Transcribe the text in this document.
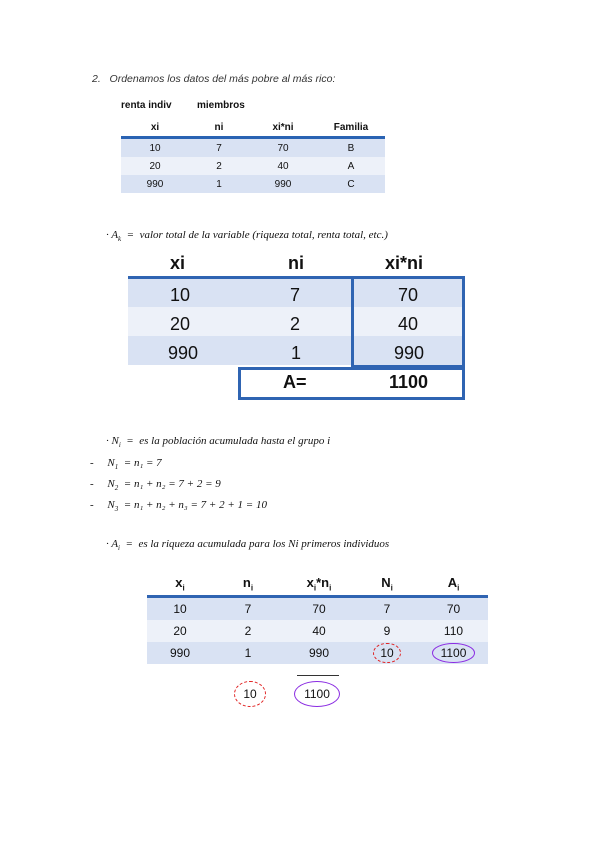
2. Ordenamos los datos del más pobre al más rico:
renta indiv	miembros
xi	ni	xi*ni	Familia
10	7	70	B
20	2	40	A
990	1	990	C
· $A_k$ = valor total de la variable (riqueza total, renta total, etc.)
xi	ni	xi*ni
10	7	70
20	2	40
990	1	990
A=	1100
· $N_i$ = es la población acumulada hasta el grupo i
- $N_1 = n_1 = 7$
- $N_2 = n_1 + n_2 = 7 + 2 = 9$
- $N_3 = n_1 + n_2 + n_3 = 7 + 2 + 1 = 10$
· $A_i$ = es la riqueza acumulada para los Ni primeros individuos
$x_i$	$n_i$	$x_i*n_i$	$N_i$	$A_i$
10	7	70	7	70
20	2	40	9	110
990	1	990	10	1100
10	1100
